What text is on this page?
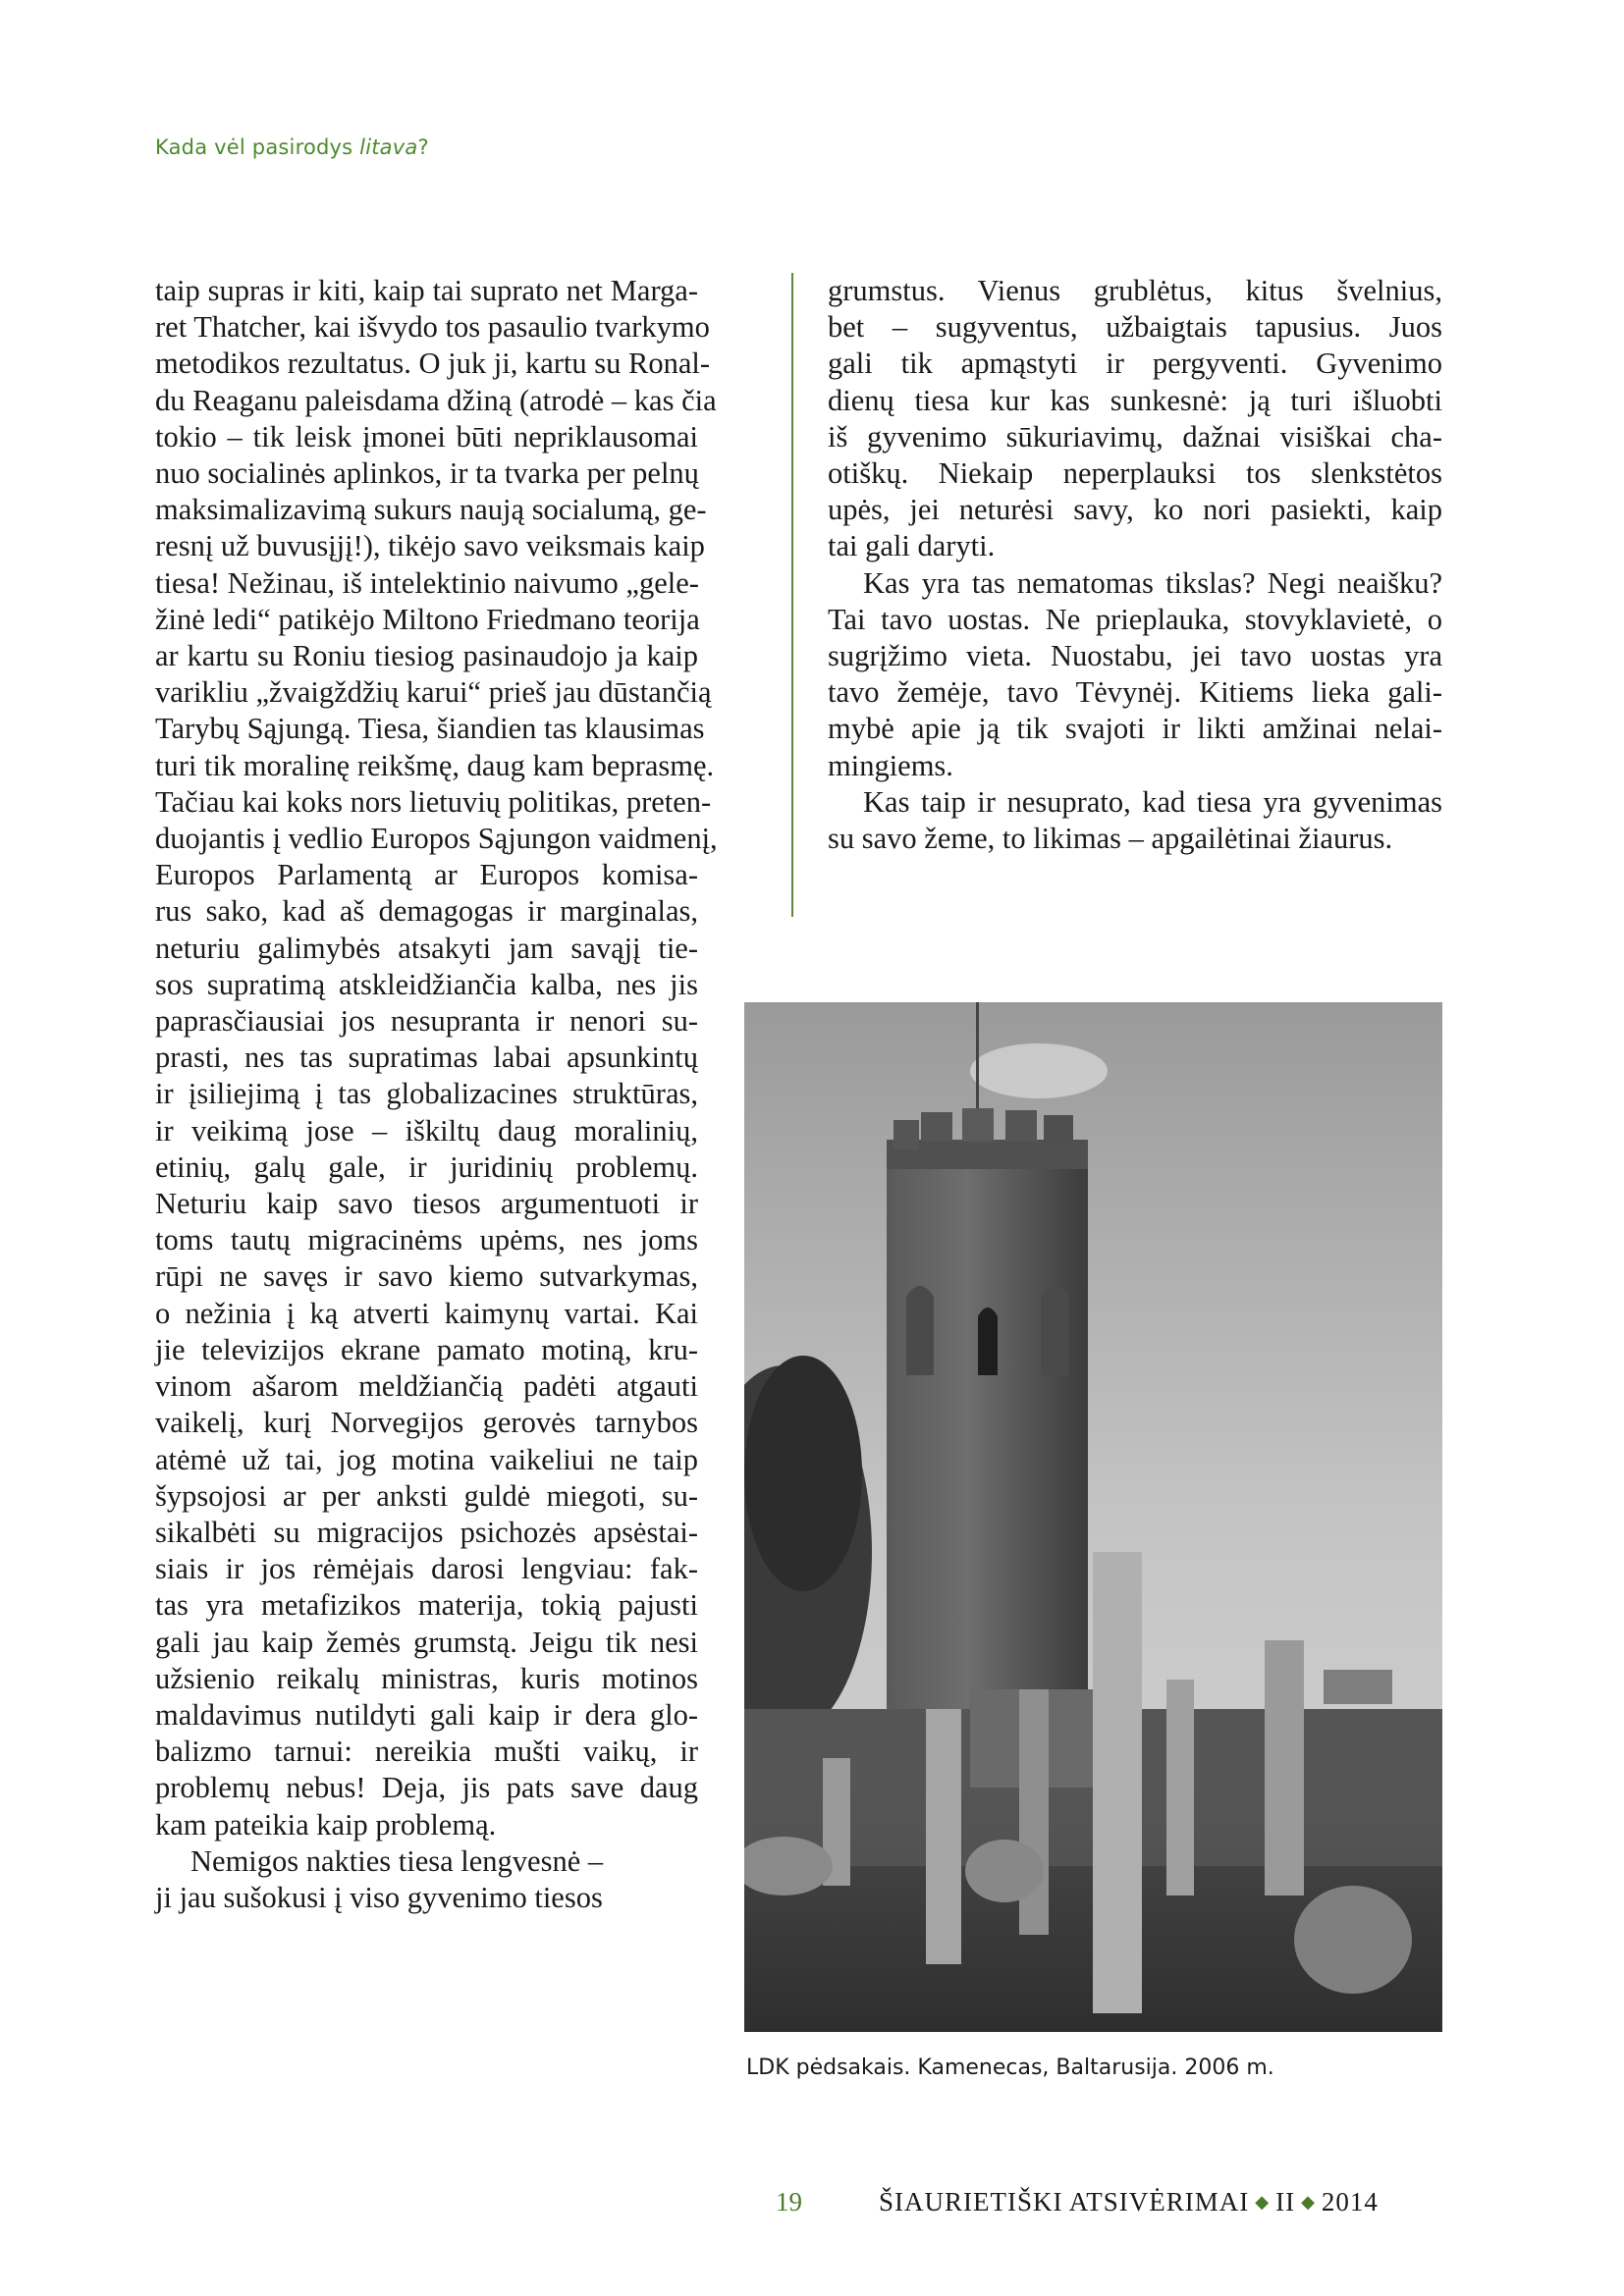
Kada vėl pasirodys litava?
taip supras ir kiti, kaip tai suprato net Marga-
ret Thatcher, kai išvydo tos pasaulio tvarkymo
metodikos rezultatus. O juk ji, kartu su Ronal-
du Reaganu paleisdama džiną (atrodė – kas čia
tokio – tik leisk įmonei būti nepriklausomai
nuo socialinės aplinkos, ir ta tvarka per pelnų
maksimalizavimą sukurs naują socialumą, ge-
resnį už buvusįjį!), tikėjo savo veiksmais kaip
tiesa! Nežinau, iš intelektinio naivumo „gele-
žinė ledi“ patikėjo Miltono Friedmano teorija
ar kartu su Roniu tiesiog pasinaudojo ja kaip
varikliu „žvaigždžių karui“ prieš jau dūstančią
Tarybų Sąjungą. Tiesa, šiandien tas klausimas
turi tik moralinę reikšmę, daug kam beprasmę.
Tačiau kai koks nors lietuvių politikas, preten-
duojantis į vedlio Europos Sąjungon vaidmenį,
Europos Parlamentą ar Europos komisa-
rus sako, kad aš demagogas ir marginalas,
neturiu galimybės atsakyti jam savąjį tie-
sos supratimą atskleidžiančia kalba, nes jis
paprasčiausiai jos nesupranta ir nenori su-
prasti, nes tas supratimas labai apsunkintų
ir įsiliejimą į tas globalizacines struktūras,
ir veikimą jose – iškiltų daug moralinių,
etinių, galų gale, ir juridinių problemų.
Neturiu kaip savo tiesos argumentuoti ir
toms tautų migracinėms upėms, nes joms
rūpi ne savęs ir savo kiemo sutvarkymas,
o nežinia į ką atverti kaimynų vartai. Kai
jie televizijos ekrane pamato motiną, kru-
vinom ašarom meldžiančią padėti atgauti
vaikelį, kurį Norvegijos gerovės tarnybos
atėmė už tai, jog motina vaikeliui ne taip
šypsojosi ar per anksti guldė miegoti, su-
sikalbėti su migracijos psichozės apsėstai-
siais ir jos rėmėjais darosi lengviau: fak-
tas yra metafizikos materija, tokią pajusti
gali jau kaip žemės grumstą. Jeigu tik nesi
užsienio reikalų ministras, kuris motinos
maldavimus nutildyti gali kaip ir dera glo-
balizmo tarnui: nereikia mušti vaikų, ir
problemų nebus! Deja, jis pats save daug
kam pateikia kaip problemą.
Nemigos nakties tiesa lengvesnė –
ji jau sušokusi į viso gyvenimo tiesos
grumstus. Vienus grublėtus, kitus švelnius,
bet – sugyventus, užbaigtais tapusius. Juos
gali tik apmąstyti ir pergyventi. Gyvenimo
dienų tiesa kur kas sunkesnė: ją turi išluobti
iš gyvenimo sūkuriavimų, dažnai visiškai cha-
otiškų. Niekaip neperplauksi tos slenkstėtos
upės, jei neturėsi savy, ko nori pasiekti, kaip
tai gali daryti.
Kas yra tas nematomas tikslas? Negi neaišku?
Tai tavo uostas. Ne prieplauka, stovyklavietė, o
sugrįžimo vieta. Nuostabu, jei tavo uostas yra
tavo žemėje, tavo Tėvynėj. Kitiems lieka gali-
mybė apie ją tik svajoti ir likti amžinai nelai-
mingiems.
Kas taip ir nesuprato, kad tiesa yra gyvenimas
su savo žeme, to likimas – apgailėtinai žiaurus.
LDK pėdsakais. Kamenecas, Baltarusija. 2006 m.
19	ŠIAURIETIŠKI ATSIVĖRIMAI ◆ II ◆ 2014
